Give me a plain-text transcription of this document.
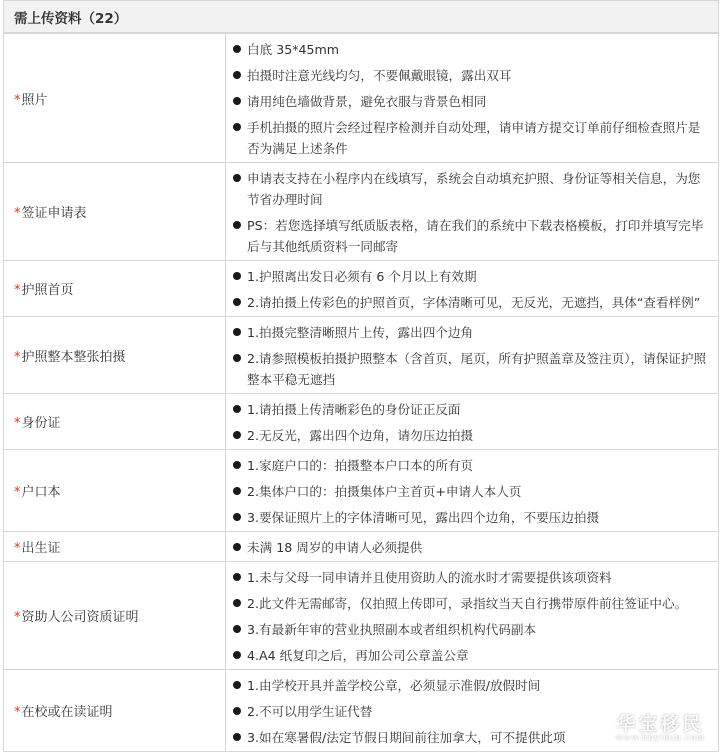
需上传资料（22）
*照片	白底 35*45mm
拍摄时注意光线均匀，不要佩戴眼镜，露出双耳
请用纯色墙做背景，避免衣服与背景色相同
手机拍摄的照片会经过程序检测并自动处理，请申请方提交订单前仔细检查照片是否为满足上述条件

*签证申请表	申请表支持在小程序内在线填写，系统会自动填充护照、身份证等相关信息，为您节省办理时间
PS：若您选择填写纸质版表格，请在我们的系统中下载表格模板，打印并填写完毕后与其他纸质资料一同邮寄

*护照首页	1.护照离出发日必须有 6 个月以上有效期
2.请拍摄上传彩色的护照首页，字体清晰可见，无反光，无遮挡，具体“查看样例”

*护照整本整张拍摄	1.拍摄完整清晰照片上传，露出四个边角
2.请参照模板拍摄护照整本（含首页，尾页，所有护照盖章及签注页），请保证护照整本平稳无遮挡

*身份证	1.请拍摄上传清晰彩色的身份证正反面
2.无反光，露出四个边角，请勿压边拍摄

*户口本	1.家庭户口的：拍摄整本户口本的所有页
2.集体户口的：拍摄集体户主首页+申请人本人页
3.要保证照片上的字体清晰可见，露出四个边角，不要压边拍摄

*出生证	未满 18 周岁的申请人必须提供

*资助人公司资质证明	1.未与父母一同申请并且使用资助人的流水时才需要提供该项资料
2.此文件无需邮寄，仅拍照上传即可，录指纹当天自行携带原件前往签证中心。
3.有最新年审的营业执照副本或者组织机构代码副本
4.A4 纸复印之后，再加公司公章盖公章

*在校或在读证明	1.由学校开具并盖学校公章，必须显示准假/放假时间
2.不可以用学生证代替
3.如在寒暑假/法定节假日期间前往加拿大，可不提供此项
华宝移民
www.hbyimin.com
